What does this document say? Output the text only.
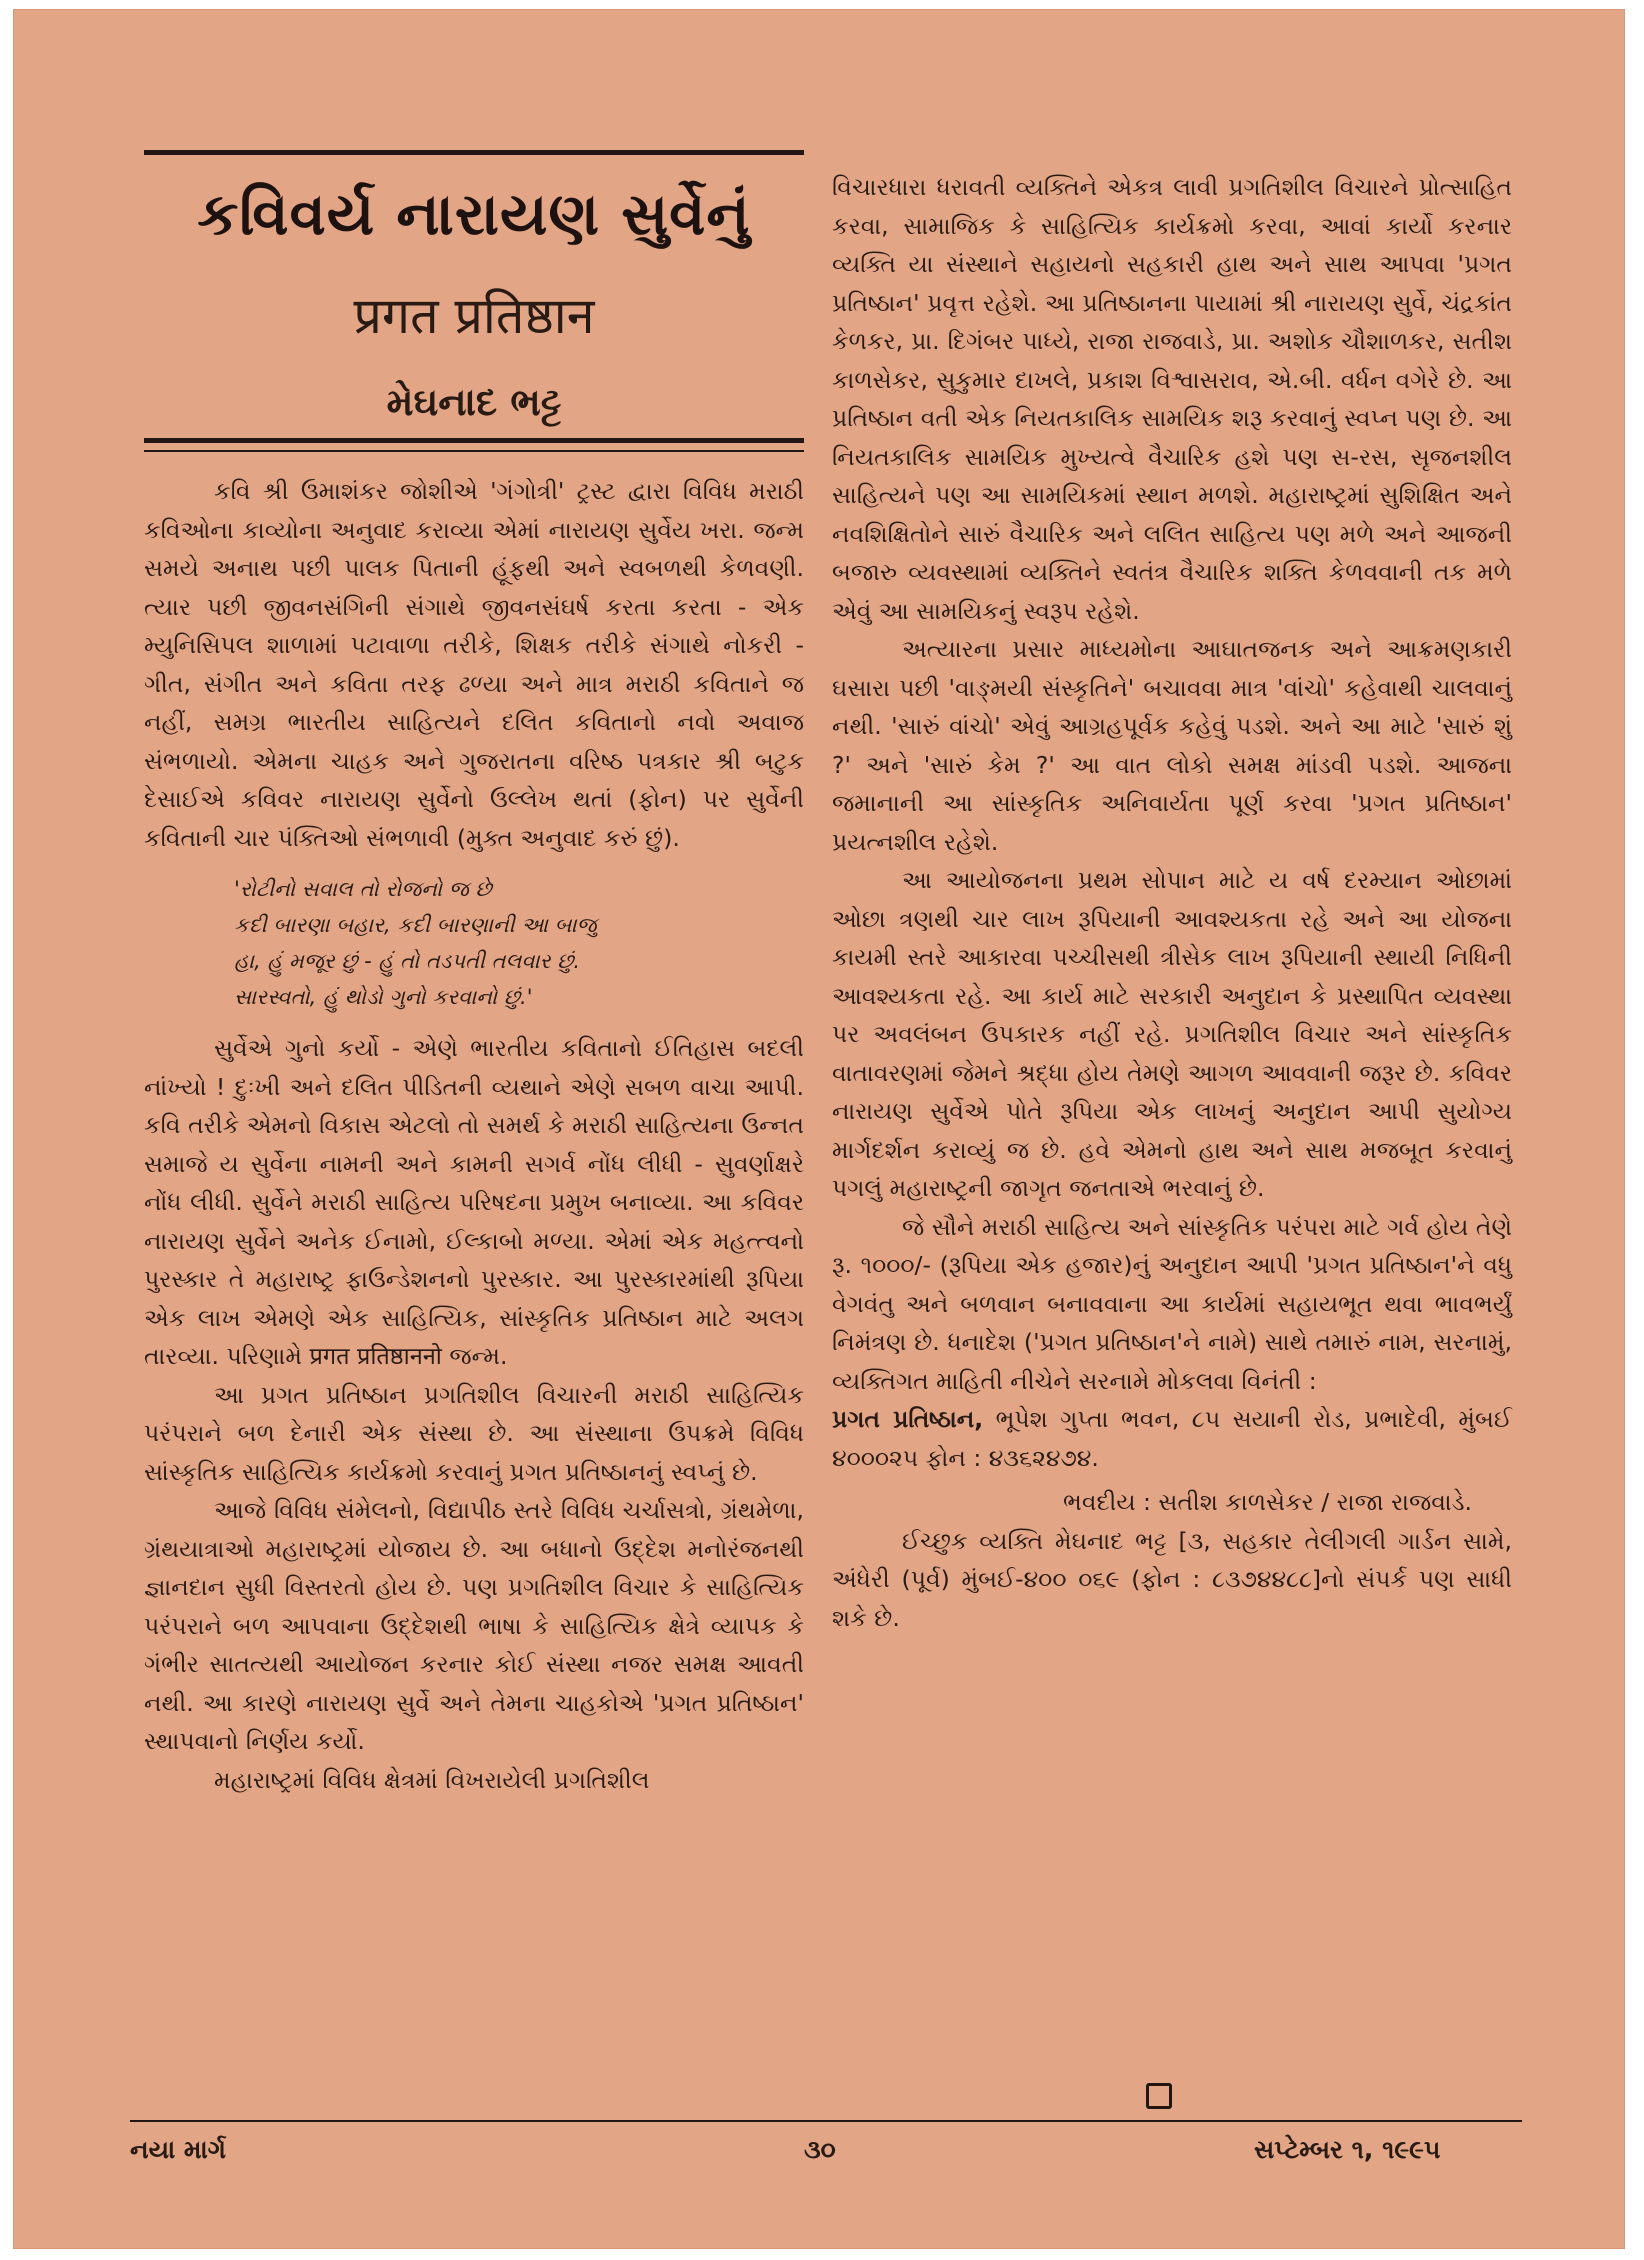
કવિવર્ય નારાયણ સુર્વેનું
प्रगत प्रतिष्ठान
મેઘનાદ ભટ્ટ

કવિ શ્રી ઉમાશંકર જોશીએ 'ગંગોત્રી' ટ્રસ્ટ દ્વારા વિવિધ મરાઠી કવિઓના કાવ્યોના અનુવાદ કરાવ્યા એમાં નારાયણ સુર્વેય ખરા. જન્મ સમયે અનાથ પછી પાલક પિતાની હૂંફથી અને સ્વબળથી કેળવણી. ત્યાર પછી જીવનસંગિની સંગાથે જીવનસંઘર્ષ કરતા કરતા - એક મ્યુનિસિપલ શાળામાં પટાવાળા તરીકે, શિક્ષક તરીકે સંગાથે નોકરી - ગીત, સંગીત અને કવિતા તરફ ઢળ્યા અને માત્ર મરાઠી કવિતાને જ નહીં, સમગ્ર ભારતીય સાહિત્યને દલિત કવિતાનો નવો અવાજ સંભળાયો. એમના ચાહક અને ગુજરાતના વરિષ્ઠ પત્રકાર શ્રી બટુક દેસાઈએ કવિવર નારાયણ સુર્વેનો ઉલ્લેખ થતાં (ફોન) પર સુર્વેની કવિતાની ચાર પંક્તિઓ સંભળાવી (મુક્ત અનુવાદ કરું છું).

'રોટીનો સવાલ તો રોજનો જ છે
કદી બારણા બહાર, કદી બારણાની આ બાજુ
હા, હું મજૂર છું - હું તો તડપતી તલવાર છું.
સારસ્વતો, હું થોડો ગુનો કરવાનો છું.'

સુર્વેએ ગુનો કર્યો - એણે ભારતીય કવિતાનો ઈતિહાસ બદલી નાંખ્યો ! દુઃખી અને દલિત પીડિતની વ્યથાને એણે સબળ વાચા આપી. કવિ તરીકે એમનો વિકાસ એટલો તો સમર્થ કે મરાઠી સાહિત્યના ઉન્નત સમાજે ય સુર્વેના નામની અને કામની સગર્વ નોંધ લીધી - સુવર્ણાક્ષરે નોંધ લીધી. સુર્વેને મરાઠી સાહિત્ય પરિષદના પ્રમુખ બનાવ્યા. આ કવિવર નારાયણ સુર્વેને અનેક ઈનામો, ઈલ્કાબો મળ્યા. એમાં એક મહત્ત્વનો પુરસ્કાર તે મહારાષ્ટ્ર ફાઉન્ડેશનનો પુરસ્કાર. આ પુરસ્કારમાંથી રૂપિયા એક લાખ એમણે એક સાહિત્યિક, સાંસ્કૃતિક પ્રતિષ્ઠાન માટે અલગ તારવ્યા. પરિણામે प्रगत प्रतिष्ठाननो જન્મ.

આ પ્રગત પ્રતિષ્ઠાન પ્રગતિશીલ વિચારની મરાઠી સાહિત્યિક પરંપરાને બળ દેનારી એક સંસ્થા છે. આ સંસ્થાના ઉપક્રમે વિવિધ સાંસ્કૃતિક સાહિત્યિક કાર્યક્રમો કરવાનું પ્રગત પ્રતિષ્ઠાનનું સ્વપ્નું છે.

આજે વિવિધ સંમેલનો, વિદ્યાપીઠ સ્તરે વિવિધ ચર્ચાસત્રો, ગ્રંથમેળા, ગ્રંથયાત્રાઓ મહારાષ્ટ્રમાં યોજાય છે. આ બધાનો ઉદ્દેશ મનોરંજનથી જ્ઞાનદાન સુધી વિસ્તરતો હોય છે. પણ પ્રગતિશીલ વિચાર કે સાહિત્યિક પરંપરાને બળ આપવાના ઉદ્દેશથી ભાષા કે સાહિત્યિક ક્ષેત્રે વ્યાપક કે ગંભીર સાતત્યથી આયોજન કરનાર કોઈ સંસ્થા નજર સમક્ષ આવતી નથી. આ કારણે નારાયણ સુર્વે અને તેમના ચાહકોએ 'પ્રગત પ્રતિષ્ઠાન' સ્થાપવાનો નિર્ણય કર્યો.

મહારાષ્ટ્રમાં વિવિધ ક્ષેત્રમાં વિખરાયેલી પ્રગતિશીલ

વિચારધારા ધરાવતી વ્યક્તિને એકત્ર લાવી પ્રગતિશીલ વિચારને પ્રોત્સાહિત કરવા, સામાજિક કે સાહિત્યિક કાર્યક્રમો કરવા, આવાં કાર્યો કરનાર વ્યક્તિ યા સંસ્થાને સહાયનો સહકારી હાથ અને સાથ આપવા 'પ્રગત પ્રતિષ્ઠાન' પ્રવૃત્ત રહેશે. આ પ્રતિષ્ઠાનના પાયામાં શ્રી નારાયણ સુર્વે, ચંદ્રકાંત કેળકર, પ્રા. દિગંબર પાધ્યે, રાજા રાજવાડે, પ્રા. અશોક ચૌશાળકર, સતીશ કાળસેકર, સુકુમાર દાખલે, પ્રકાશ વિશ્વાસરાવ, એ.બી. વર્ધન વગેરે છે. આ પ્રતિષ્ઠાન વતી એક નિયતકાલિક સામયિક શરૂ કરવાનું સ્વપ્ન પણ છે. આ નિયતકાલિક સામયિક મુખ્યત્વે વૈચારિક હશે પણ સ-રસ, સૃજનશીલ સાહિત્યને પણ આ સામયિકમાં સ્થાન મળશે. મહારાષ્ટ્રમાં સુશિક્ષિત અને નવશિક્ષિતોને સારું વૈચારિક અને લલિત સાહિત્ય પણ મળે અને આજની બજારુ વ્યવસ્થામાં વ્યક્તિને સ્વતંત્ર વૈચારિક શક્તિ કેળવવાની તક મળે એવું આ સામયિકનું સ્વરૂપ રહેશે.

અત્યારના પ્રસાર માધ્યમોના આઘાતજનક અને આક્રમણકારી ઘસારા પછી 'વાઙ્મયી સંસ્કૃતિને' બચાવવા માત્ર 'વાંચો' કહેવાથી ચાલવાનું નથી. 'સારું વાંચો' એવું આગ્રહપૂર્વક કહેવું પડશે. અને આ માટે 'સારું શું ?' અને 'સારું કેમ ?' આ વાત લોકો સમક્ષ માંડવી પડશે. આજના જમાનાની આ સાંસ્કૃતિક અનિવાર્યતા પૂર્ણ કરવા 'પ્રગત પ્રતિષ્ઠાન' પ્રયત્નશીલ રહેશે.

આ આયોજનના પ્રથમ સોપાન માટે ય વર્ષ દરમ્યાન ઓછામાં ઓછા ત્રણથી ચાર લાખ રૂપિયાની આવશ્યકતા રહે અને આ યોજના કાયમી સ્તરે આકારવા પચ્ચીસથી ત્રીસેક લાખ રૂપિયાની સ્થાયી નિધિની આવશ્યકતા રહે. આ કાર્ય માટે સરકારી અનુદાન કે પ્રસ્થાપિત વ્યવસ્થા પર અવલંબન ઉપકારક નહીં રહે. પ્રગતિશીલ વિચાર અને સાંસ્કૃતિક વાતાવરણમાં જેમને શ્રદ્ધા હોય તેમણે આગળ આવવાની જરૂર છે. કવિવર નારાયણ સુર્વેએ પોતે રૂપિયા એક લાખનું અનુદાન આપી સુયોગ્ય માર્ગદર્શન કરાવ્યું જ છે. હવે એમનો હાથ અને સાથ મજબૂત કરવાનું પગલું મહારાષ્ટ્રની જાગૃત જનતાએ ભરવાનું છે.

જે સૌને મરાઠી સાહિત્ય અને સાંસ્કૃતિક પરંપરા માટે ગર્વ હોય તેણે રૂ. ૧૦૦૦/- (રૂપિયા એક હજાર)નું અનુદાન આપી 'પ્રગત પ્રતિષ્ઠાન'ને વધુ વેગવંતુ અને બળવાન બનાવવાના આ કાર્યમાં સહાયભૂત થવા ભાવભર્યું નિમંત્રણ છે. ધનાદેશ ('પ્રગત પ્રતિષ્ઠાન'ને નામે) સાથે તમારું નામ, સરનામું, વ્યક્તિગત માહિતી નીચેને સરનામે મોકલવા વિનંતી :

પ્રગત પ્રતિષ્ઠાન, ભૂપેશ ગુપ્તા ભવન, ૮૫ સયાની રોડ, પ્રભાદેવી, મુંબઈ ૪૦૦૦૨૫ ફોન : ૪૩૬૨૪૭૪.

ભવદીય : સતીશ કાળસેકર / રાજા રાજવાડે.

ઈચ્છુક વ્યક્તિ મેઘનાદ ભટ્ટ [૩, સહકાર તેલીગલી ગાર્ડન સામે, અંધેરી (પૂર્વ) મુંબઈ-૪૦૦ ૦૬૯ (ફોન : ૮૩૭૪૪૮૮]નો સંપર્ક પણ સાધી શકે છે.

નયા માર્ગ	૩૦	સપ્ટેમ્બર ૧, ૧૯૯૫
